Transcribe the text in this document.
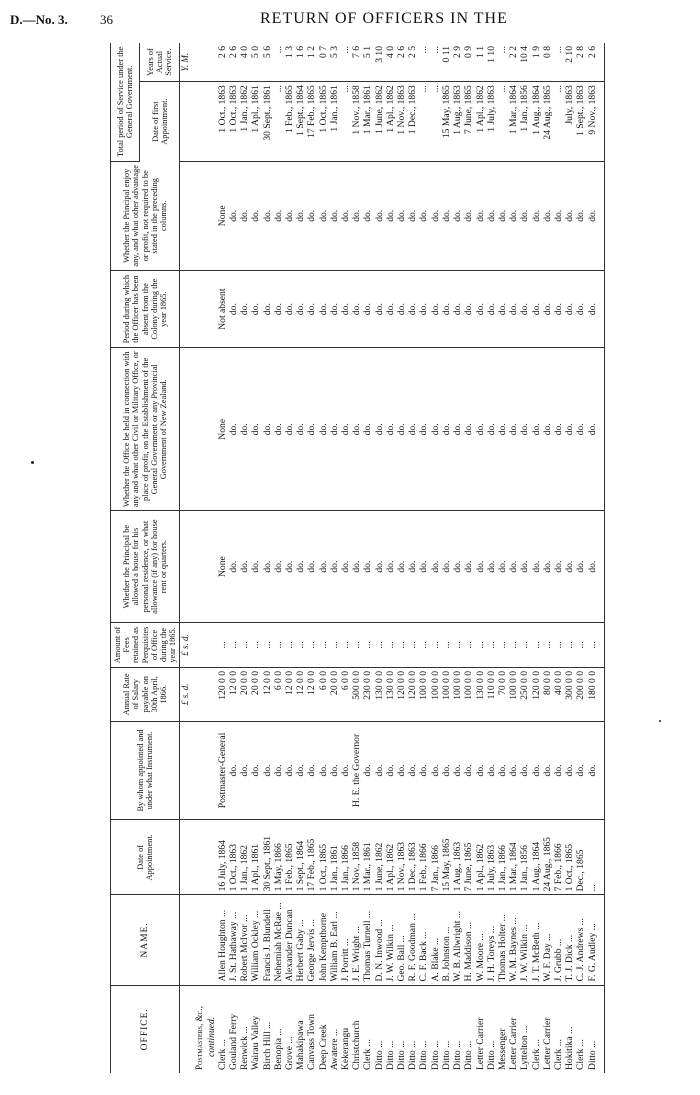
D.—No. 3. 36	RETURN OF OFFICERS IN THE
OFFICE.	NAME.	Date of Appointment.	By whom appointed and under what Instrument.	Annual Rate of Salary payable on 30th April, 1866.	Amount of Fees retained as Perquisites of Office during the year 1865.	Whether the Principal be allowed a house for his personal residence, or what allowance (if any) for house rent or quarters.	Whether the Office be held in connection with any and what other Civil or Military Office, or place of profit, on the Establishment of the General Government or any Provincial Government of New Zealand.	Period during which the Officer has been absent from the Colony during the year 1865.	Whether the Principal enjoy any, and what other advantage or profit, not required to be stated in the preceding columns.	Total period of Service under the General Government.	
										Date of first Appointment.	Years of Actual Service.
				£ s. d.	£ s. d.						Y. M.
Postmasters, &c.,											
continued.											
Clerk ...	Allen Houghton ...	16 July, 1864	Postmaster-General	120 0 0	...	None	None	Not absent	None	1 Oct., 1863	2 6
Gouland Ferry	J. St. Hathaway ...	1 Oct., 1863	do.	12 0 0	...	do.	do.	do.	do.	1 Oct., 1863	2 6
Renwick ...	Robert McIvor ...	1 Jan., 1862	do.	20 0 0	...	do.	do.	do.	do.	1 Jan., 1862	4 0
Wairau Valley	William Ockley ...	1 Apl., 1861	do.	20 0 0	...	do.	do.	do.	do.	1 Apl., 1861	5 0
Birch Hill ...	Francis J. Blundell	30 Sept., 1861	do.	12 0 0	...	do.	do.	do.	do.	30 Sept., 1861	5 6
Benopia ...	Nehemiah McRae ...	1 May, 1866	do.	6 0 0	...	do.	do.	do.	do.	...	...
Grove ...	Alexander Duncan	1 Feb., 1865	do.	12 0 0	...	do.	do.	do.	do.	1 Feb., 1865	1 3
Mahakipawa	Herbert Gaby ...	1 Sept., 1864	do.	12 0 0	...	do.	do.	do.	do.	1 Sept., 1864	1 6
Canvass Town	George Jervis ...	17 Feb., 1865	do.	12 0 0	...	do.	do.	do.	do.	17 Feb., 1865	1 2
Deep Creek	John Kempthorne	1 Oct., 1865	do.	6 0 0	...	do.	do.	do.	do.	1 Oct., 1865	0 7
Awatere ...	William B. Earl ...	1 Jan., 1861	do.	20 0 0	...	do.	do.	do.	do.	1 Jan., 1861	5 3
Kekerangu	J. Porritt ...	1 Jan., 1866	do.	6 0 0	...	do.	do.	do.	do.	...	...
Christchurch	J. E. Wright ...	1 Nov., 1858	H. E. the Governor	500 0 0	...	do.	do.	do.	do.	1 Nov., 1858	7 6
Clerk ...	Thomas Turnell ...	1 Mar., 1861	do.	230 0 0	...	do.	do.	do.	do.	1 Mar., 1861	5 1
Ditto ...	D. N. Inwood ...	1 June, 1862	do.	130 0 0	...	do.	do.	do.	do.	1 June, 1862	3 10
Ditto ...	J. W. Wilkin ...	1 Apl., 1862	do.	130 0 0	...	do.	do.	do.	do.	1 Apl., 1862	4 0
Ditto ...	Geo. Ball ...	1 Nov., 1863	do.	120 0 0	...	do.	do.	do.	do.	1 Nov., 1863	2 6
Ditto ...	R. F. Goodman ...	1 Dec., 1863	do.	120 0 0	...	do.	do.	do.	do.	1 Dec., 1863	2 5
Ditto ...	C. F. Back ...	1 Feb., 1866	do.	100 0 0	...	do.	do.	do.	do.	...	...
Ditto ...	A. Blake ...	7 Jan., 1866	do.	100 0 0	...	do.	do.	do.	do.	...	...
Ditto ...	B. Johnston ...	15 May, 1865	do.	100 0 0	...	do.	do.	do.	do.	15 May, 1865	0 11
Ditto ...	W. B. Allwright ...	1 Aug., 1863	do.	100 0 0	...	do.	do.	do.	do.	1 Aug., 1863	2 9
Ditto ...	H. Maddison ...	7 June, 1865	do.	100 0 0	...	do.	do.	do.	do.	7 June, 1865	0 9
Letter Carrier	W. Moore ...	1 Apl., 1862	do.	130 0 0	...	do.	do.	do.	do.	1 Apl., 1862	1 1
Ditto ...	J. H. Toreys ...	1 July, 1863	do.	110 0 0	...	do.	do.	do.	do.	1 July, 1863	1 10
Messenger	Thomas Holter ...	1 Jan., 1866	do.	70 0 0	...	do.	do.	do.	do.	...	...
Letter Carrier	W. M. Baynes ...	1 Mar., 1864	do.	100 0 0	...	do.	do.	do.	do.	1 Mar., 1864	2 2
Lyttelton ...	J. W. Wilkin ...	1 Jan., 1856	do.	250 0 0	...	do.	do.	do.	do.	1 Jan., 1856	10 4
Clerk ...	J. T. McBeth ...	1 Aug., 1864	do.	120 0 0	...	do.	do.	do.	do.	1 Aug., 1864	1 9
Letter Carrier	W. F. Day ...	24 Aug., 1865	do.	80 0 0	...	do.	do.	do.	do.	24 Aug., 1865	0 8
Clerk ...	J. Grubb ...	7 Feb., 1866	do.	40 0 0	...	do.	do.	do.	do.	...	...
Hokitika ...	T. J. Dick ...	1 Oct., 1865	do.	300 0 0	...	do.	do.	do.	do.	July, 1863	2 10
Clerk ...	C. J. Andrews ...	Dec., 1865	do.	200 0 0	...	do.	do.	do.	do.	1 Sept., 1863	2 8
Ditto ...	F. G. Audley ...	...	do.	180 0 0	...	do.	do.	do.	do.	9 Nov., 1863	2 6
